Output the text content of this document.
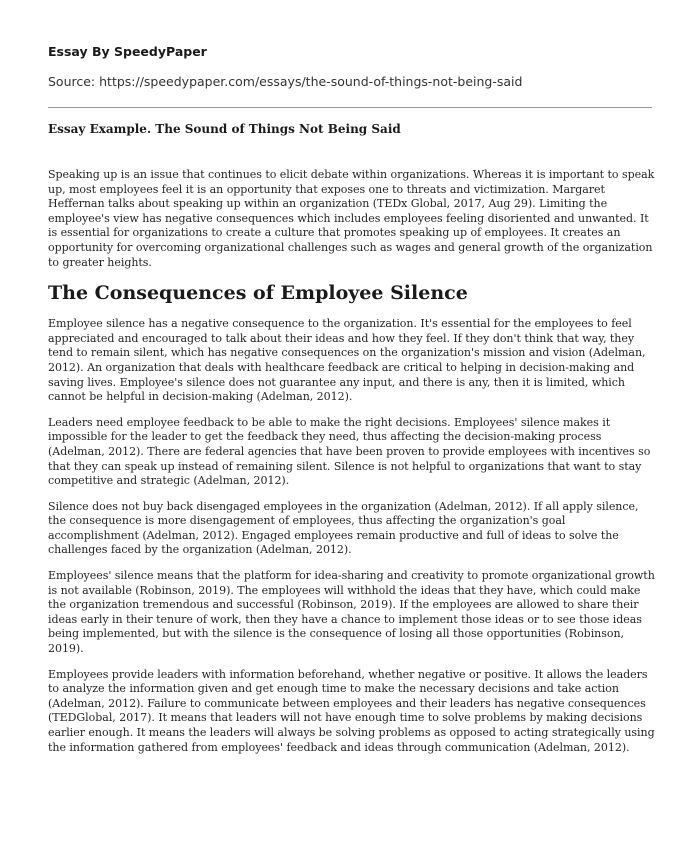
Essay By SpeedyPaper

Source: https://speedypaper.com/essays/the-sound-of-things-not-being-said

Essay Example. The Sound of Things Not Being Said

Speaking up is an issue that continues to elicit debate within organizations. Whereas it is important to speak up, most employees feel it is an opportunity that exposes one to threats and victimization. Margaret Heffernan talks about speaking up within an organization (TEDx Global, 2017, Aug 29). Limiting the employee's view has negative consequences which includes employees feeling disoriented and unwanted. It is essential for organizations to create a culture that promotes speaking up of employees. It creates an opportunity for overcoming organizational challenges such as wages and general growth of the organization to greater heights.

The Consequences of Employee Silence

Employee silence has a negative consequence to the organization. It's essential for the employees to feel appreciated and encouraged to talk about their ideas and how they feel. If they don't think that way, they tend to remain silent, which has negative consequences on the organization's mission and vision (Adelman, 2012). An organization that deals with healthcare feedback are critical to helping in decision-making and saving lives. Employee's silence does not guarantee any input, and there is any, then it is limited, which cannot be helpful in decision-making (Adelman, 2012).

Leaders need employee feedback to be able to make the right decisions. Employees' silence makes it impossible for the leader to get the feedback they need, thus affecting the decision-making process (Adelman, 2012). There are federal agencies that have been proven to provide employees with incentives so that they can speak up instead of remaining silent. Silence is not helpful to organizations that want to stay competitive and strategic (Adelman, 2012).

Silence does not buy back disengaged employees in the organization (Adelman, 2012). If all apply silence, the consequence is more disengagement of employees, thus affecting the organization's goal accomplishment (Adelman, 2012). Engaged employees remain productive and full of ideas to solve the challenges faced by the organization (Adelman, 2012).

Employees' silence means that the platform for idea-sharing and creativity to promote organizational growth is not available (Robinson, 2019). The employees will withhold the ideas that they have, which could make the organization tremendous and successful (Robinson, 2019). If the employees are allowed to share their ideas early in their tenure of work, then they have a chance to implement those ideas or to see those ideas being implemented, but with the silence is the consequence of losing all those opportunities (Robinson, 2019).

Employees provide leaders with information beforehand, whether negative or positive. It allows the leaders to analyze the information given and get enough time to make the necessary decisions and take action (Adelman, 2012). Failure to communicate between employees and their leaders has negative consequences (TEDGlobal, 2017). It means that leaders will not have enough time to solve problems by making decisions earlier enough. It means the leaders will always be solving problems as opposed to acting strategically using the information gathered from employees' feedback and ideas through communication (Adelman, 2012).
